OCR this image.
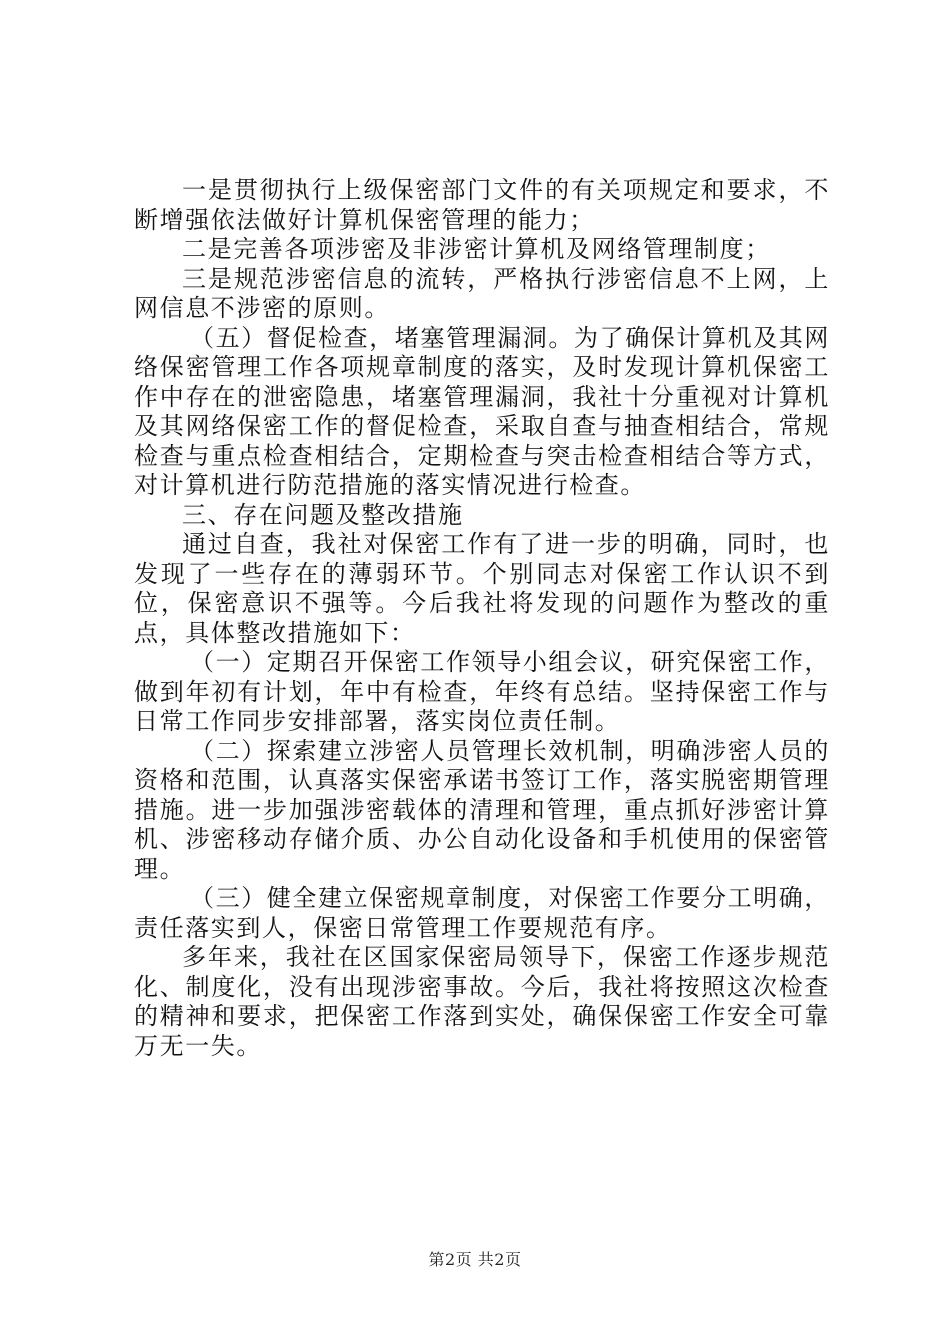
一是贯彻执行上级保密部门文件的有关项规定和要求，不断增强依法做好计算机保密管理的能力；

二是完善各项涉密及非涉密计算机及网络管理制度；

三是规范涉密信息的流转，严格执行涉密信息不上网，上网信息不涉密的原则。

（五）督促检查，堵塞管理漏洞。为了确保计算机及其网络保密管理工作各项规章制度的落实，及时发现计算机保密工作中存在的泄密隐患，堵塞管理漏洞，我社十分重视对计算机及其网络保密工作的督促检查，采取自查与抽查相结合，常规检查与重点检查相结合，定期检查与突击检查相结合等方式，对计算机进行防范措施的落实情况进行检查。

三、存在问题及整改措施

通过自查，我社对保密工作有了进一步的明确，同时，也发现了一些存在的薄弱环节。个别同志对保密工作认识不到位，保密意识不强等。今后我社将发现的问题作为整改的重点，具体整改措施如下：

（一）定期召开保密工作领导小组会议，研究保密工作，做到年初有计划，年中有检查，年终有总结。坚持保密工作与日常工作同步安排部署，落实岗位责任制。

（二）探索建立涉密人员管理长效机制，明确涉密人员的资格和范围，认真落实保密承诺书签订工作，落实脱密期管理措施。进一步加强涉密载体的清理和管理，重点抓好涉密计算机、涉密移动存储介质、办公自动化设备和手机使用的保密管理。

（三）健全建立保密规章制度，对保密工作要分工明确，责任落实到人，保密日常管理工作要规范有序。

多年来，我社在区国家保密局领导下，保密工作逐步规范化、制度化，没有出现涉密事故。今后，我社将按照这次检查的精神和要求，把保密工作落到实处，确保保密工作安全可靠万无一失。

第2页 共2页
